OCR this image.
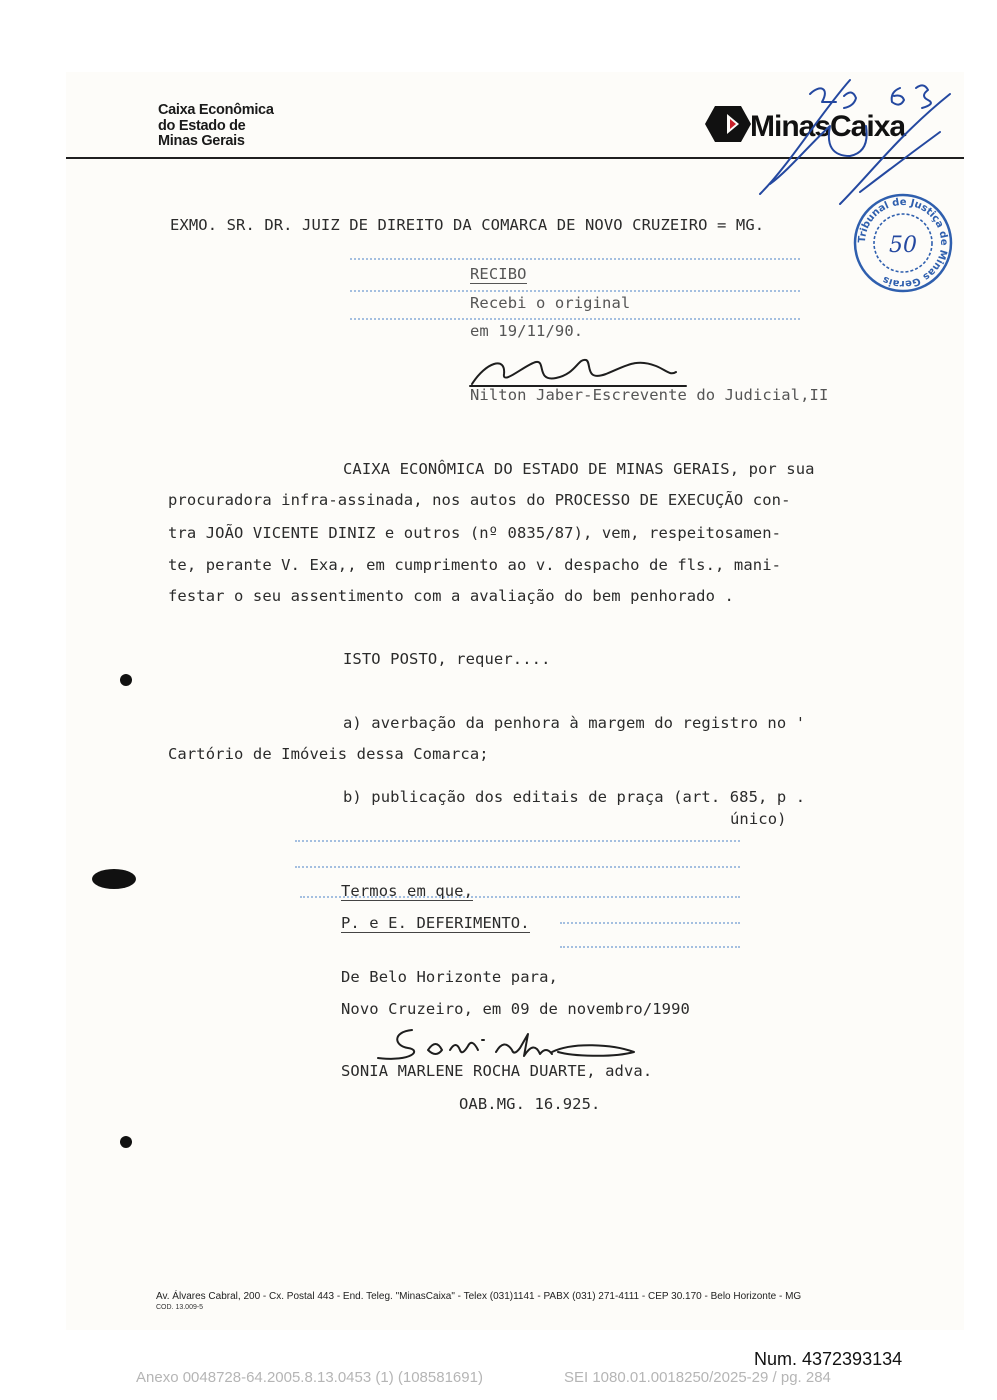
Caixa Econômica
do Estado de
Minas Gerais	MinasCaixa
Tribunal de Justiça de Minas Gerais
50
EXMO. SR. DR. JUIZ DE DIREITO DA COMARCA DE NOVO CRUZEIRO = MG.
RECIBO
Recebi o original
em 19/11/90.
Nilton Jaber-Escrevente do Judicial,II
CAIXA ECONÔMICA DO ESTADO DE MINAS GERAIS, por sua
procuradora infra-assinada, nos autos do PROCESSO DE EXECUÇÃO con-
tra JOÃO VICENTE DINIZ e outros (nº 0835/87), vem, respeitosamen-
te, perante V. Exa,, em cumprimento ao v. despacho de fls., mani-
festar o seu assentimento com a avaliação do bem penhorado .
ISTO POSTO, requer....
a) averbação da penhora à margem do registro no '
Cartório de Imóveis dessa Comarca;
b) publicação dos editais de praça (art. 685, p .
único)
Termos em que,
P. e E. DEFERIMENTO.
De Belo Horizonte para,
Novo Cruzeiro, em 09 de novembro/1990
SONIA MARLENE ROCHA DUARTE, adva.
OAB.MG. 16.925.
Av. Álvares Cabral, 200 - Cx. Postal 443 - End. Teleg. "MinasCaixa" - Telex (031)1141 - PABX (031) 271-4111 - CEP 30.170 - Belo Horizonte - MG
COD. 13.009-5
Num. 4372393134
Anexo 0048728-64.2005.8.13.0453 (1) (108581691)	SEI 1080.01.0018250/2025-29 / pg. 284
